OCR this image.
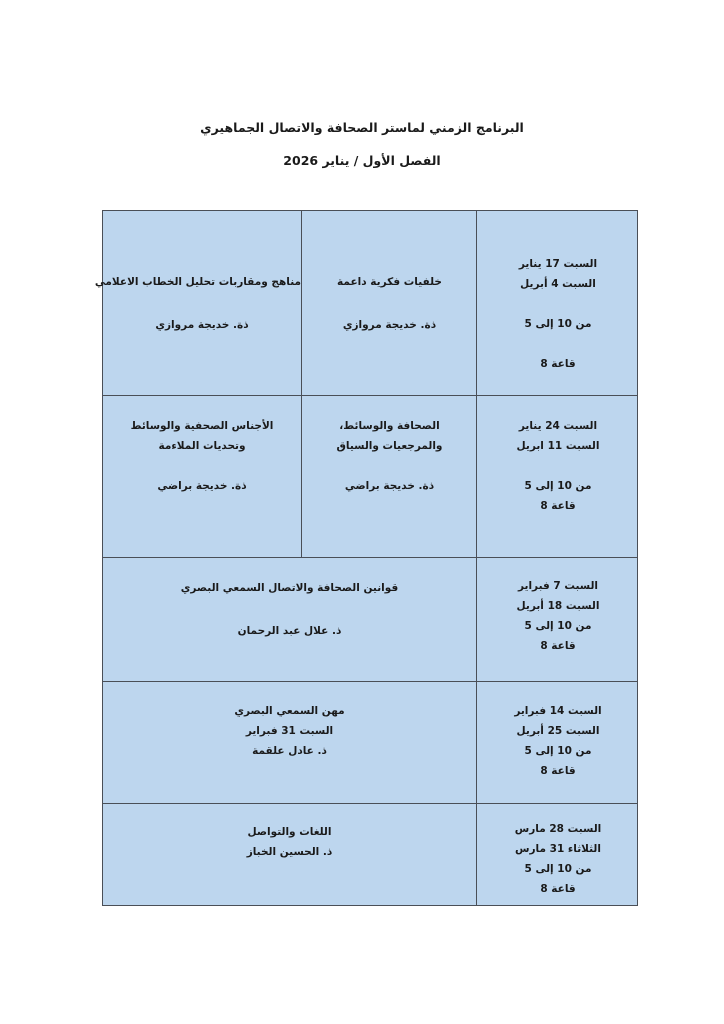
البرنامج الزمني لماستر الصحافة والاتصال الجماهيري
الفصل الأول / يناير 2026
السبت 17 يناير
السبت 4 أبريل
من 10 إلى 5
قاعة 8
خلفيات فكرية داعمة
ذة. خديجة مروازي
مناهج ومقاربات تحليل الخطاب الاعلامي
ذة. خديجة مروازي
السبت 24 يناير
السبت 11 ابريل
من 10 إلى 5
قاعة 8
الصحافة والوسائط،
والمرجعيات والسياق
ذة. خديجة براضي
الأجناس الصحفية والوسائط
وتحديات الملاءمة
ذة. خديجة براضي
السبت 7 فبراير
السبت 18 أبريل
من 10 إلى 5
قاعة 8
قوانين الصحافة والاتصال السمعي البصري
ذ. علال عبد الرحمان
السبت 14 فبراير
السبت 25 أبريل
من 10 إلى 5
قاعة 8
مهن السمعي البصري
السبت 31 فبراير
ذ. عادل علقمة
السبت 28 مارس
الثلاثاء 31 مارس
من 10 إلى 5
قاعة 8
اللغات والتواصل
ذ. الحسين الخباز
